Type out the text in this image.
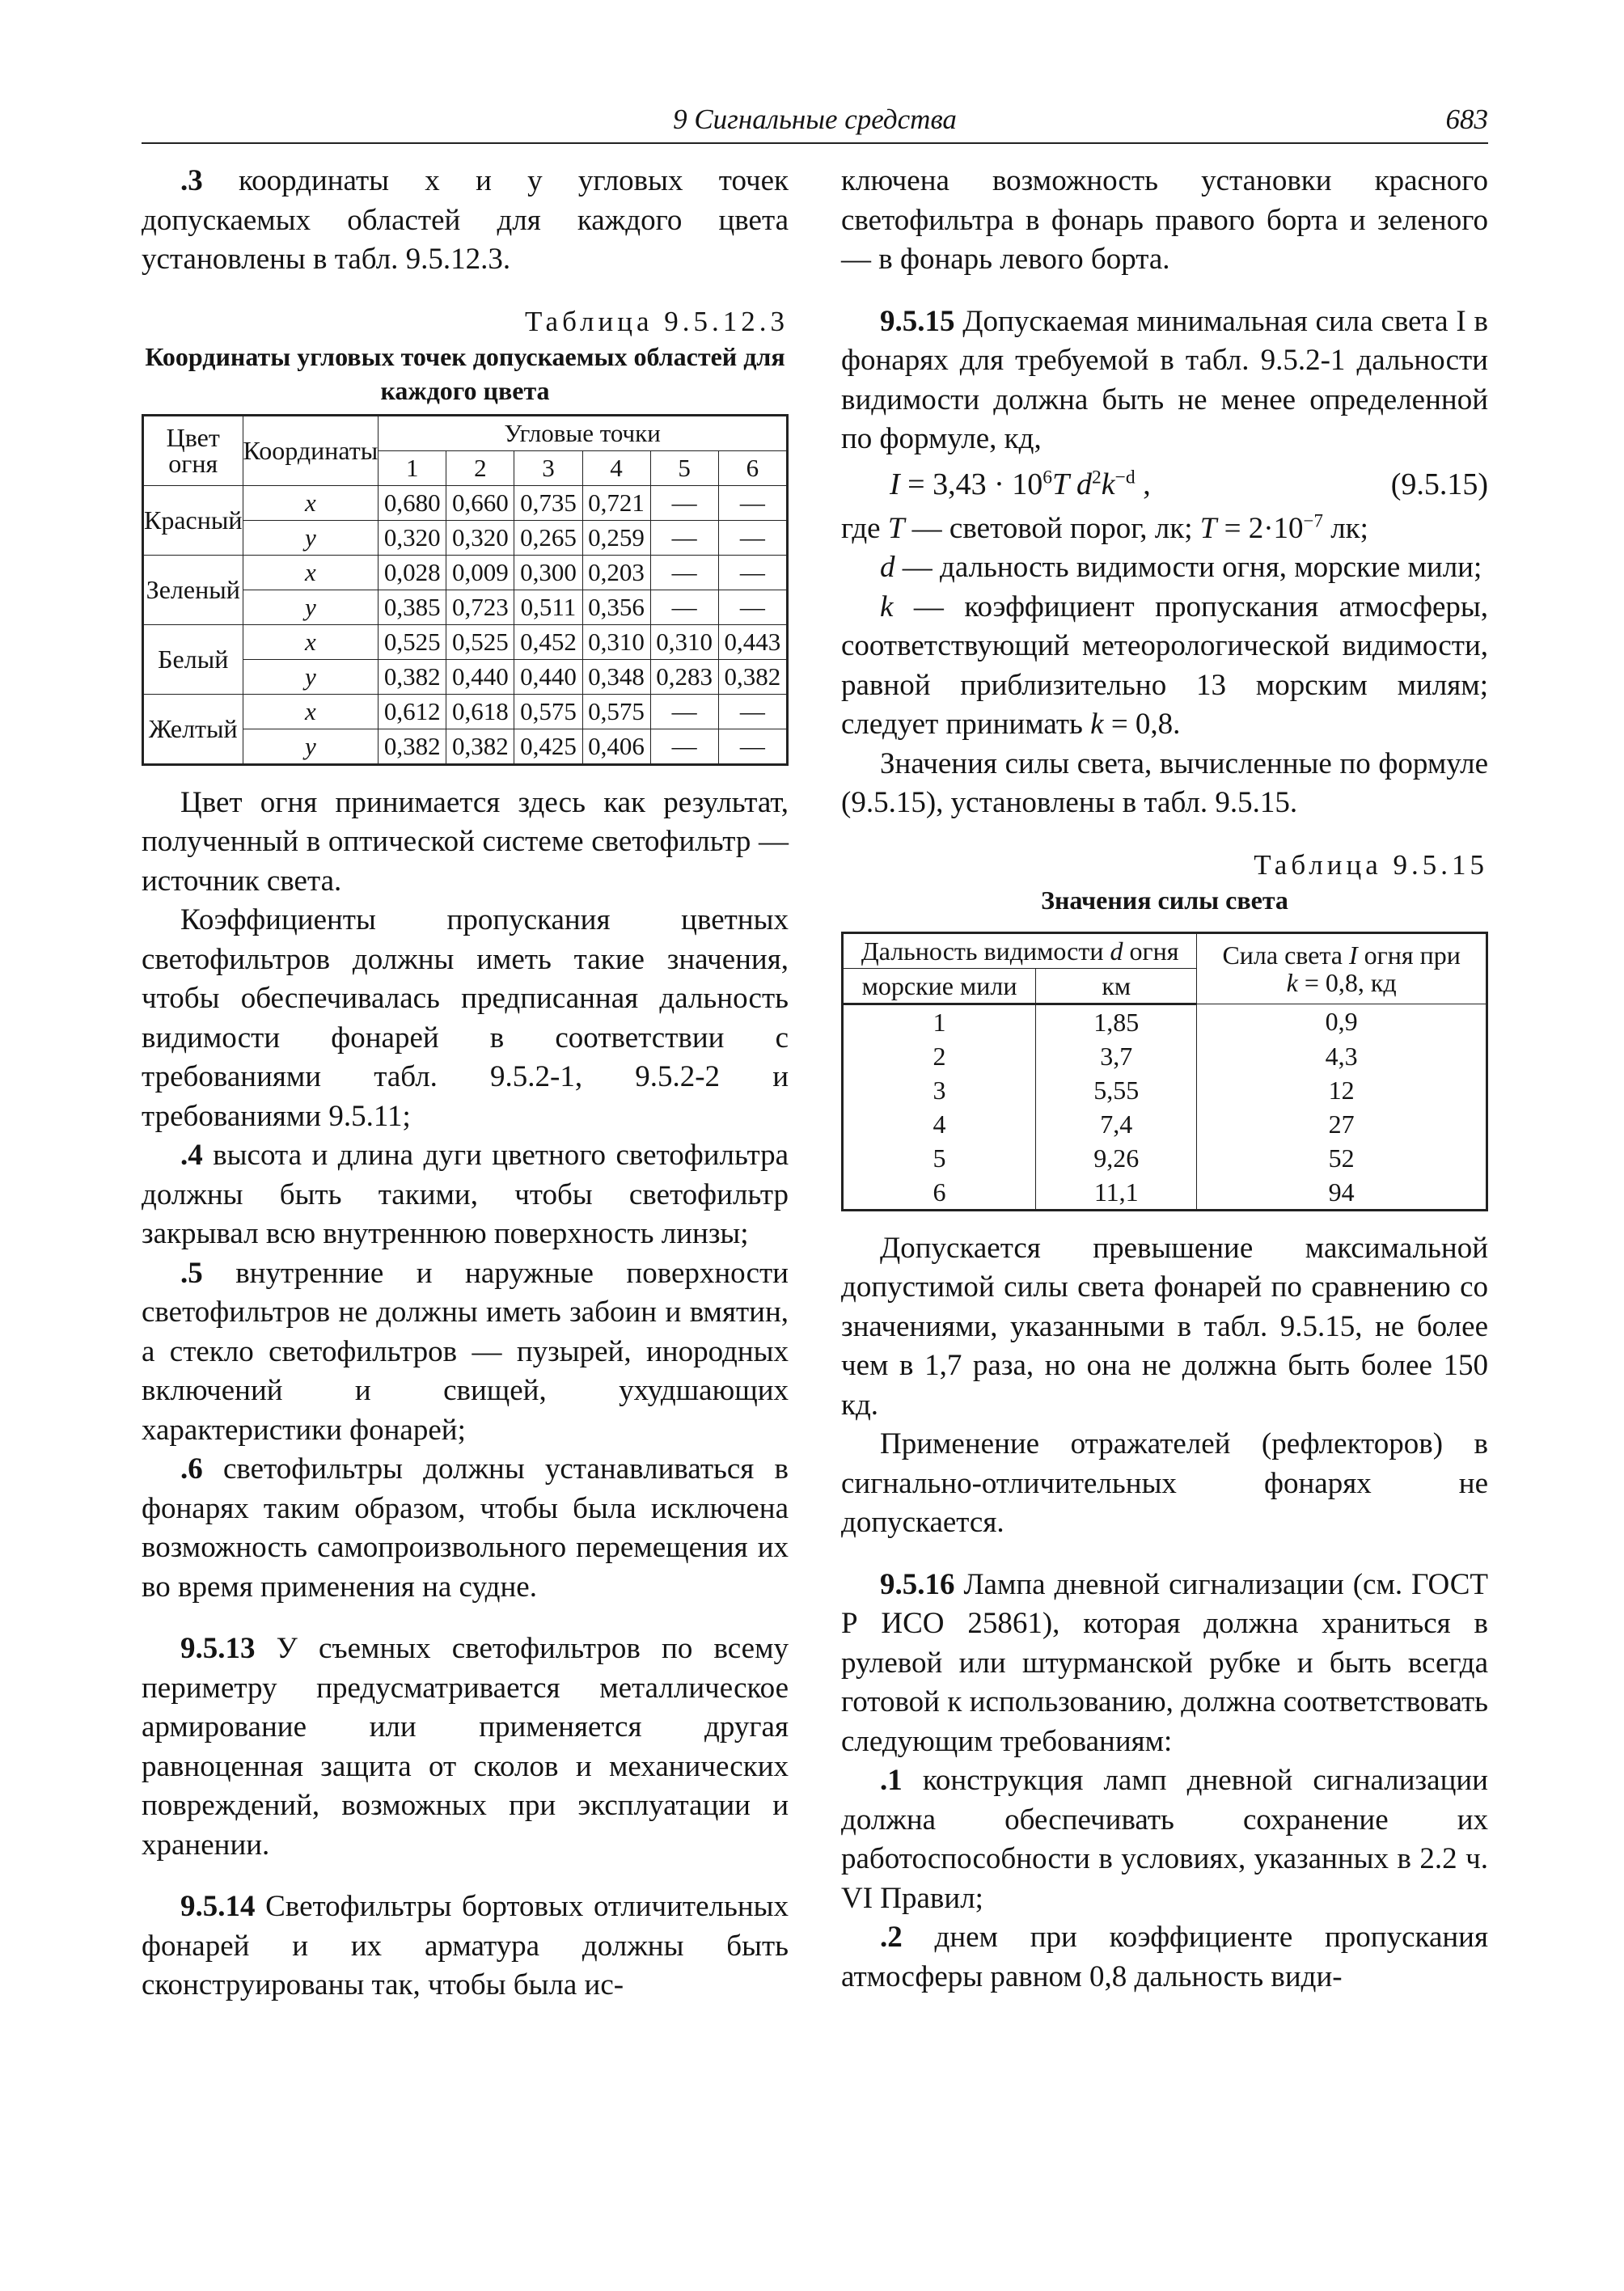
9 Сигнальные средства	683

.3 координаты x и y угловых точек допускаемых областей для каждого цвета установлены в табл. 9.5.12.3.

Таблица 9.5.12.3
Координаты угловых точек допускаемых областей для каждого цвета
Цвет огня	Координаты	Угловые точки					
		1	2	3	4	5	6
Красный	x	0,680	0,660	0,735	0,721	—	—
	y	0,320	0,320	0,265	0,259	—	—
Зеленый	x	0,028	0,009	0,300	0,203	—	—
	y	0,385	0,723	0,511	0,356	—	—
Белый	x	0,525	0,525	0,452	0,310	0,310	0,443
	y	0,382	0,440	0,440	0,348	0,283	0,382
Желтый	x	0,612	0,618	0,575	0,575	—	—
	y	0,382	0,382	0,425	0,406	—	—

Цвет огня принимается здесь как результат, полученный в оптической системе светофильтр — источник света.

Коэффициенты пропускания цветных светофильтров должны иметь такие значения, чтобы обеспечивалась предписанная дальность видимости фонарей в соответствии с требованиями табл. 9.5.2-1, 9.5.2-2 и требованиями 9.5.11;

.4 высота и длина дуги цветного светофильтра должны быть такими, чтобы светофильтр закрывал всю внутреннюю поверхность линзы;

.5 внутренние и наружные поверхности светофильтров не должны иметь забоин и вмятин, а стекло светофильтров — пузырей, инородных включений и свищей, ухудшающих характеристики фонарей;

.6 светофильтры должны устанавливаться в фонарях таким образом, чтобы была исключена возможность самопроизвольного перемещения их во время применения на судне.

9.5.13 У съемных светофильтров по всему периметру предусматривается металлическое армирование или применяется другая равноценная защита от сколов и механических повреждений, возможных при эксплуатации и хранении.

9.5.14 Светофильтры бортовых отличительных фонарей и их арматура должны быть сконструированы так, чтобы была ис-

ключена возможность установки красного светофильтра в фонарь правого борта и зеленого — в фонарь левого борта.

9.5.15 Допускаемая минимальная сила света I в фонарях для требуемой в табл. 9.5.2-1 дальности видимости должна быть не менее определенной по формуле, кд,

$I = 3,43 \cdot 10^6T$ $d^2k^{-d}$ ,	(9.5.15)

где T — световой порог, лк; $T = 2\cdot 10^{-7}$ лк;

d — дальность видимости огня, морские мили;

k — коэффициент пропускания атмосферы, соответствующий метеорологической видимости, равной приблизительно 13 морским милям; следует принимать k = 0,8.

Значения силы света, вычисленные по формуле (9.5.15), установлены в табл. 9.5.15.

Таблица 9.5.15
Значения силы света
Дальность видимости d огня		Сила света I огня при
k = 0,8, кд
морские мили	км	
1	1,85	0,9
2	3,7	4,3
3	5,55	12
4	7,4	27
5	9,26	52
6	11,1	94

Допускается превышение максимальной допустимой силы света фонарей по сравнению со значениями, указанными в табл. 9.5.15, не более чем в 1,7 раза, но она не должна быть более 150 кд.

Применение отражателей (рефлекторов) в сигнально-отличительных фонарях не допускается.

9.5.16 Лампа дневной сигнализации (см. ГОСТ Р ИСО 25861), которая должна храниться в рулевой или штурманской рубке и быть всегда готовой к использованию, должна соответствовать следующим требованиям:

.1 конструкция ламп дневной сигнализации должна обеспечивать сохранение их работоспособности в условиях, указанных в 2.2 ч. VI Правил;

.2 днем при коэффициенте пропускания атмосферы равном 0,8 дальность види-
